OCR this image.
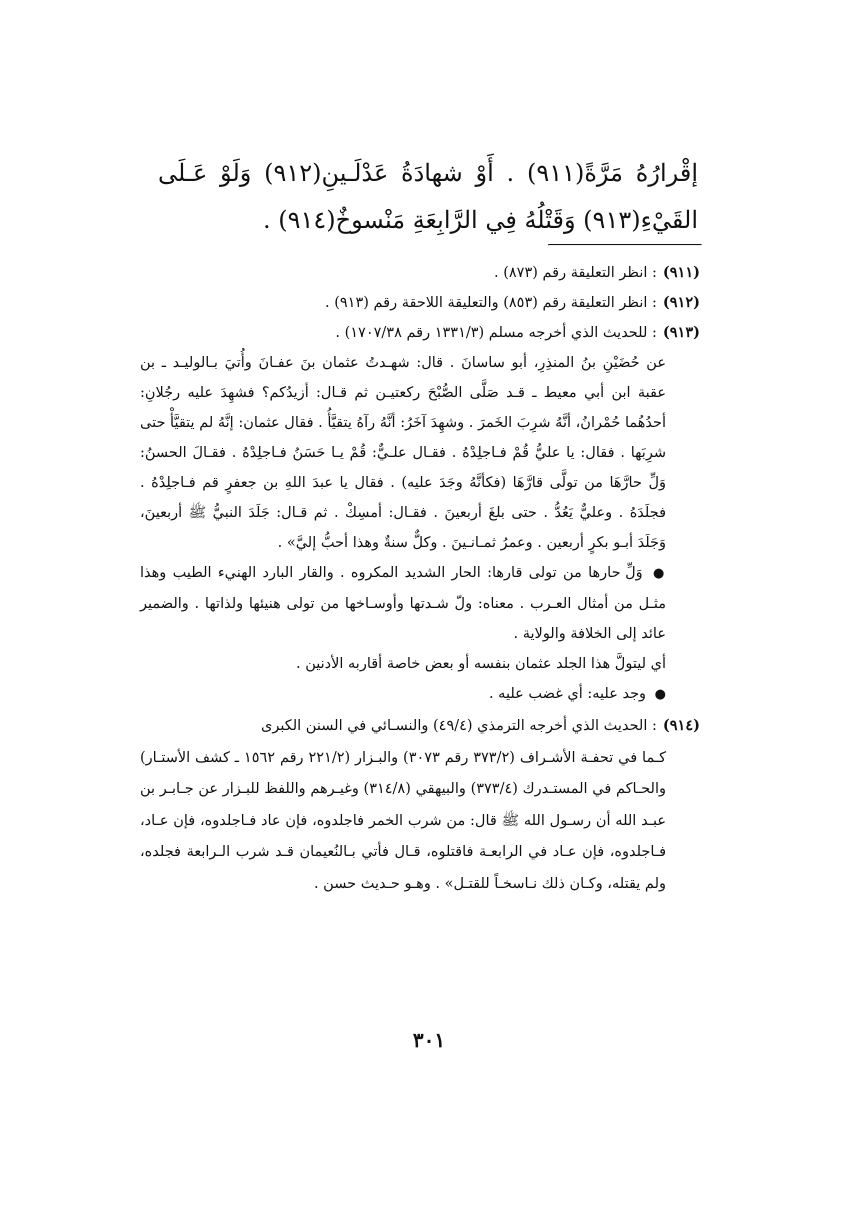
إقْرارُهُ مَرَّةً(٩١١) . أَوْ شهادَةُ عَدْلَـينِ(٩١٢) وَلَوْ عَـلَى القَيْءِ(٩١٣) وَقَتْلُهُ فِي الرَّابِعَةِ مَنْسوخٌ(٩١٤) .

(٩١١)
: انظر التعليقة رقم (٨٧٣) .
(٩١٢)
: انظر التعليقة رقم (٨٥٣) والتعليقة اللاحقة رقم (٩١٣) .
(٩١٣)
: للحديث الذي أخرجه مسلم (١٣٣١/٣ رقم ١٧٠٧/٣٨) .

عن حُضَيْنِ بنُ المنذِرِ، أبو ساسانَ . قال: شهـدتُ عثمان بنَ عفـانَ وأُتيَ بـالوليـد ـ بن عقبة ابن أبي معيط ـ قـد صَلَّى الصُّبْحَ ركعتيـن ثم قـال: أزيدُكم؟ فشهِدَ عليه رجُلانِ: أحدُهُما حُمْرانُ، أنَّهُ شرِبَ الخَمرَ . وشهِدَ آخَرُ: أنَّهُ رآهُ يتقيَّأُ . فقال عثمان: إنَّهُ لم يتقيَّأْ حتى شرِبَها . فقال: يا عليُّ قُمْ فـاجلِدْهُ . فقـال علـيٌّ: قُمْ يـا حَسَنُ فـاجلِدْهُ . فقـالَ الحسنُ: وَلِّ حارَّهَا من تولَّى قارَّهَا (فكأنَّهُ وجَدَ عليه) . فقال يا عبدَ اللهِ بن جعفرٍ قم فـاجلِدْهُ . فجلَدَهُ . وعليٌّ يَعُدُّ . حتى بلغَ أربعينَ . فقـال: أمسِكْ . ثم قـال: جَلَدَ النبيُّ ﷺ أربعينَ، وَجَلَدَ أبـو بكرٍ أربعين . وعمرُ ثمـانـينَ . وكلٌّ سنةٌ وهذا أحبُّ إليَّ» .

● وَلِّ حارها من تولى قارها: الحار الشديد المكروه . والقار البارد الهنيء الطيب وهذا مثـل من أمثال العـرب . معناه: ولّ شـدتها وأوسـاخها من تولى هنيئها ولذاتها . والضمير عائد إلى الخلافة والولاية .

أي ليتولَّ هذا الجلد عثمان بنفسه أو بعض خاصة أقاربه الأدنين .

● وجد عليه: أي غضب عليه .

(٩١٤)
: الحديث الذي أخرجه الترمذي (٤٩/٤) والنسـائي في السنن الكبرى

كـما في تحفـة الأشـراف (٣٧٣/٢ رقم ٣٠٧٣) والبـزار (٢٢١/٢ رقم ١٥٦٢ ـ كشف الأستـار) والحـاكم في المستـدرك (٣٧٣/٤) والبيهقي (٣١٤/٨) وغيـرهم واللفظ للبـزار عن جـابـر بن عبـد الله أن رسـول الله ﷺ قال: من شرب الخمر فاجلدوه، فإن عاد فـاجلدوه، فإن عـاد، فـاجلدوه، فإن عـاد في الرابعـة فاقتلوه، قـال فأتي بـالنُعيمان قـد شرب الـرابعة فجلده، ولم يقتله، وكـان ذلك نـاسخـاً للقتـل» . وهـو حـديث حسن .

٣٠١
